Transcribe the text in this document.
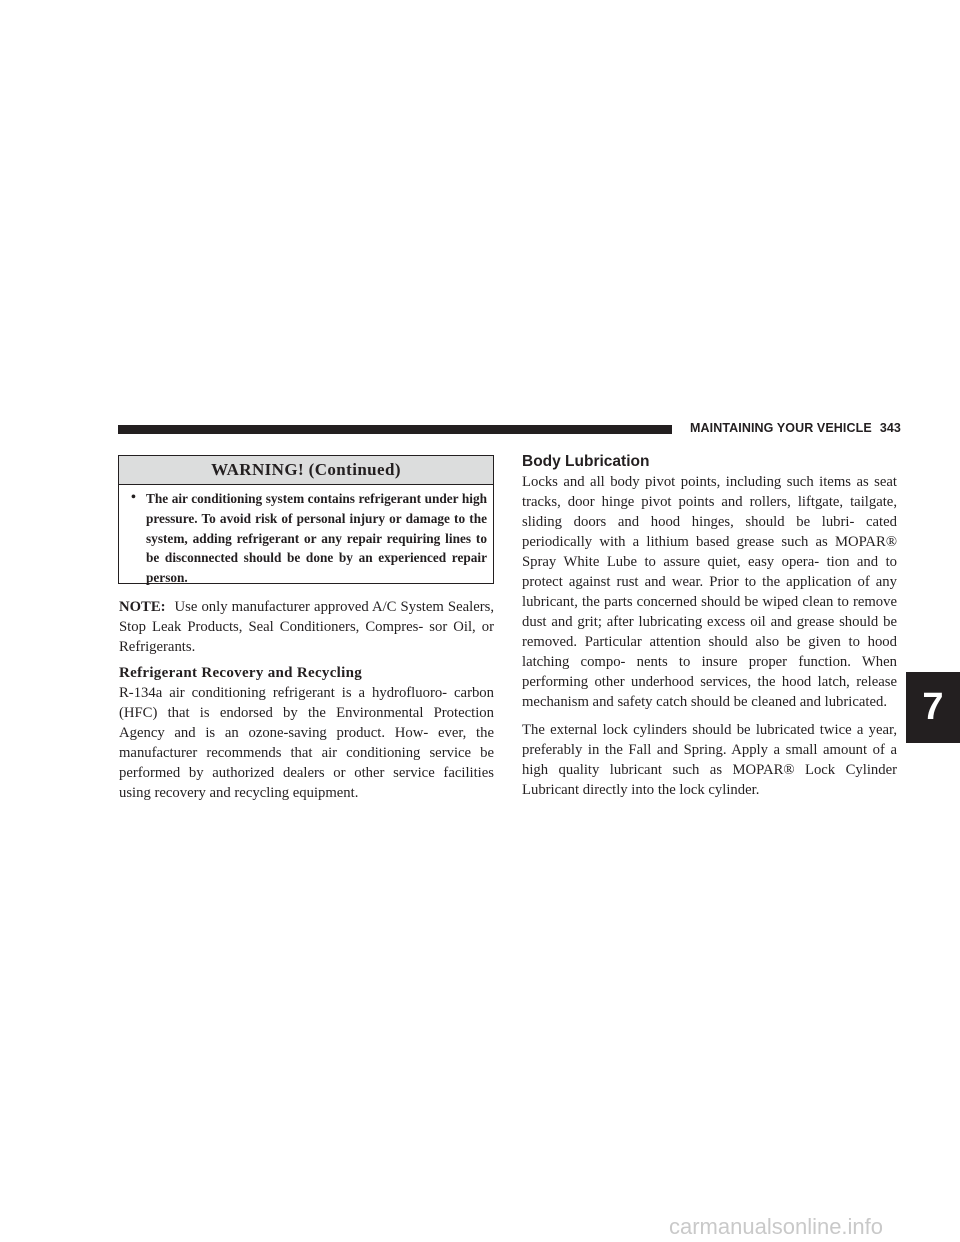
MAINTAINING YOUR VEHICLE 343
WARNING! (Continued)
• The air conditioning system contains refrigerant under high pressure. To avoid risk of personal injury or damage to the system, adding refrigerant or any repair requiring lines to be disconnected should be done by an experienced repair person.

NOTE: Use only manufacturer approved A/C System Sealers, Stop Leak Products, Seal Conditioners, Compres- sor Oil, or Refrigerants.

Refrigerant Recovery and Recycling

R-134a air conditioning refrigerant is a hydrofluoro- carbon (HFC) that is endorsed by the Environmental Protection Agency and is an ozone-saving product. How- ever, the manufacturer recommends that air conditioning service be performed by authorized dealers or other service facilities using recovery and recycling equipment.

Body Lubrication

Locks and all body pivot points, including such items as seat tracks, door hinge pivot points and rollers, liftgate, tailgate, sliding doors and hood hinges, should be lubri- cated periodically with a lithium based grease such as MOPAR® Spray White Lube to assure quiet, easy opera- tion and to protect against rust and wear. Prior to the application of any lubricant, the parts concerned should be wiped clean to remove dust and grit; after lubricating excess oil and grease should be removed. Particular attention should also be given to hood latching compo- nents to insure proper function. When performing other underhood services, the hood latch, release mechanism and safety catch should be cleaned and lubricated.

The external lock cylinders should be lubricated twice a year, preferably in the Fall and Spring. Apply a small amount of a high quality lubricant such as MOPAR® Lock Cylinder Lubricant directly into the lock cylinder.

7
carmanualsonline.info
